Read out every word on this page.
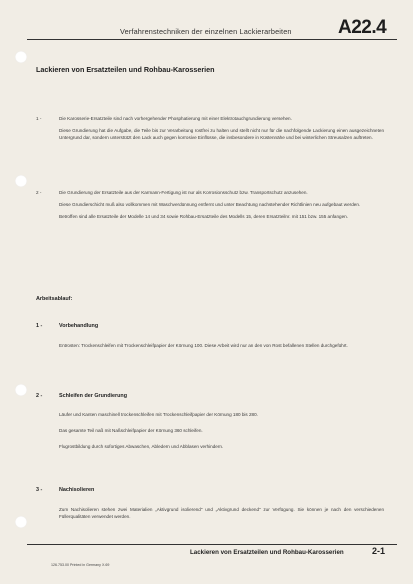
Verfahrenstechniken der einzelnen Lackierarbeiten A22.4
Lackieren von Ersatzteilen und Rohbau-Karosserien
1 -	Die Karosserie-Ersatzteile sind nach vorhergehender Phosphatierung mit einer Elektrotauchgrundierung versehen.

Diese Grundierung hat die Aufgabe, die Teile bis zur Verarbeitung rostfrei zu halten und stellt nicht nur für die nachfolgende Lackierung einen ausgezeichneten Untergrund dar, sondern unterstützt den Lack auch gegen korrosive Einflüsse, die insbesondere in Küstennähe und bei winterlichen Streusalzen auftreten.

2 -	Die Grundierung der Ersatzteile aus der Karmann-Fertigung ist nur als Korrosionsschutz bzw. Transportschutz anzusehen.

Diese Grundierschicht muß also vollkommen mit Waschverdünnung entfernt und unter Beachtung nachstehender Richtlinien neu aufgebaut werden.

Betroffen sind alle Ersatzteile der Modelle 14 und 34 sowie Rohbau-Ersatzteile des Modells 15, deren Ersatzteilnr. mit 151 bzw. 155 anfangen.

Arbeitsablauf:
1 -	Vorbehandlung

Entrosten: Trockenschleifen mit Trockenschleifpapier der Körnung 100. Diese Arbeit wird nur an den von Rost befallenen Stellen durchgeführt.

2 -	Schleifen der Grundierung

Läufer und Kanten maschinell trockenschleifen mit Trockenschleifpapier der Körnung 180 bis 280.

Das gesamte Teil naß mit Naßschleifpapier der Körnung 360 schleifen.

Flugrostbildung durch sofortiges Abwaschen, Abledern und Abblasen verhindern.

3 -	Nachisolieren

Zum Nachisolieren stehen zwei Materialien „Aktivgrund isolierend" und „Aktivgrund deckend" zur Verfügung. Sie können je nach den verschiedenen Füllerqualitäten verwendet werden.

Lackieren von Ersatzteilen und Rohbau-Karosserien	2-1
126.753.00 Printed in Germany X.69
